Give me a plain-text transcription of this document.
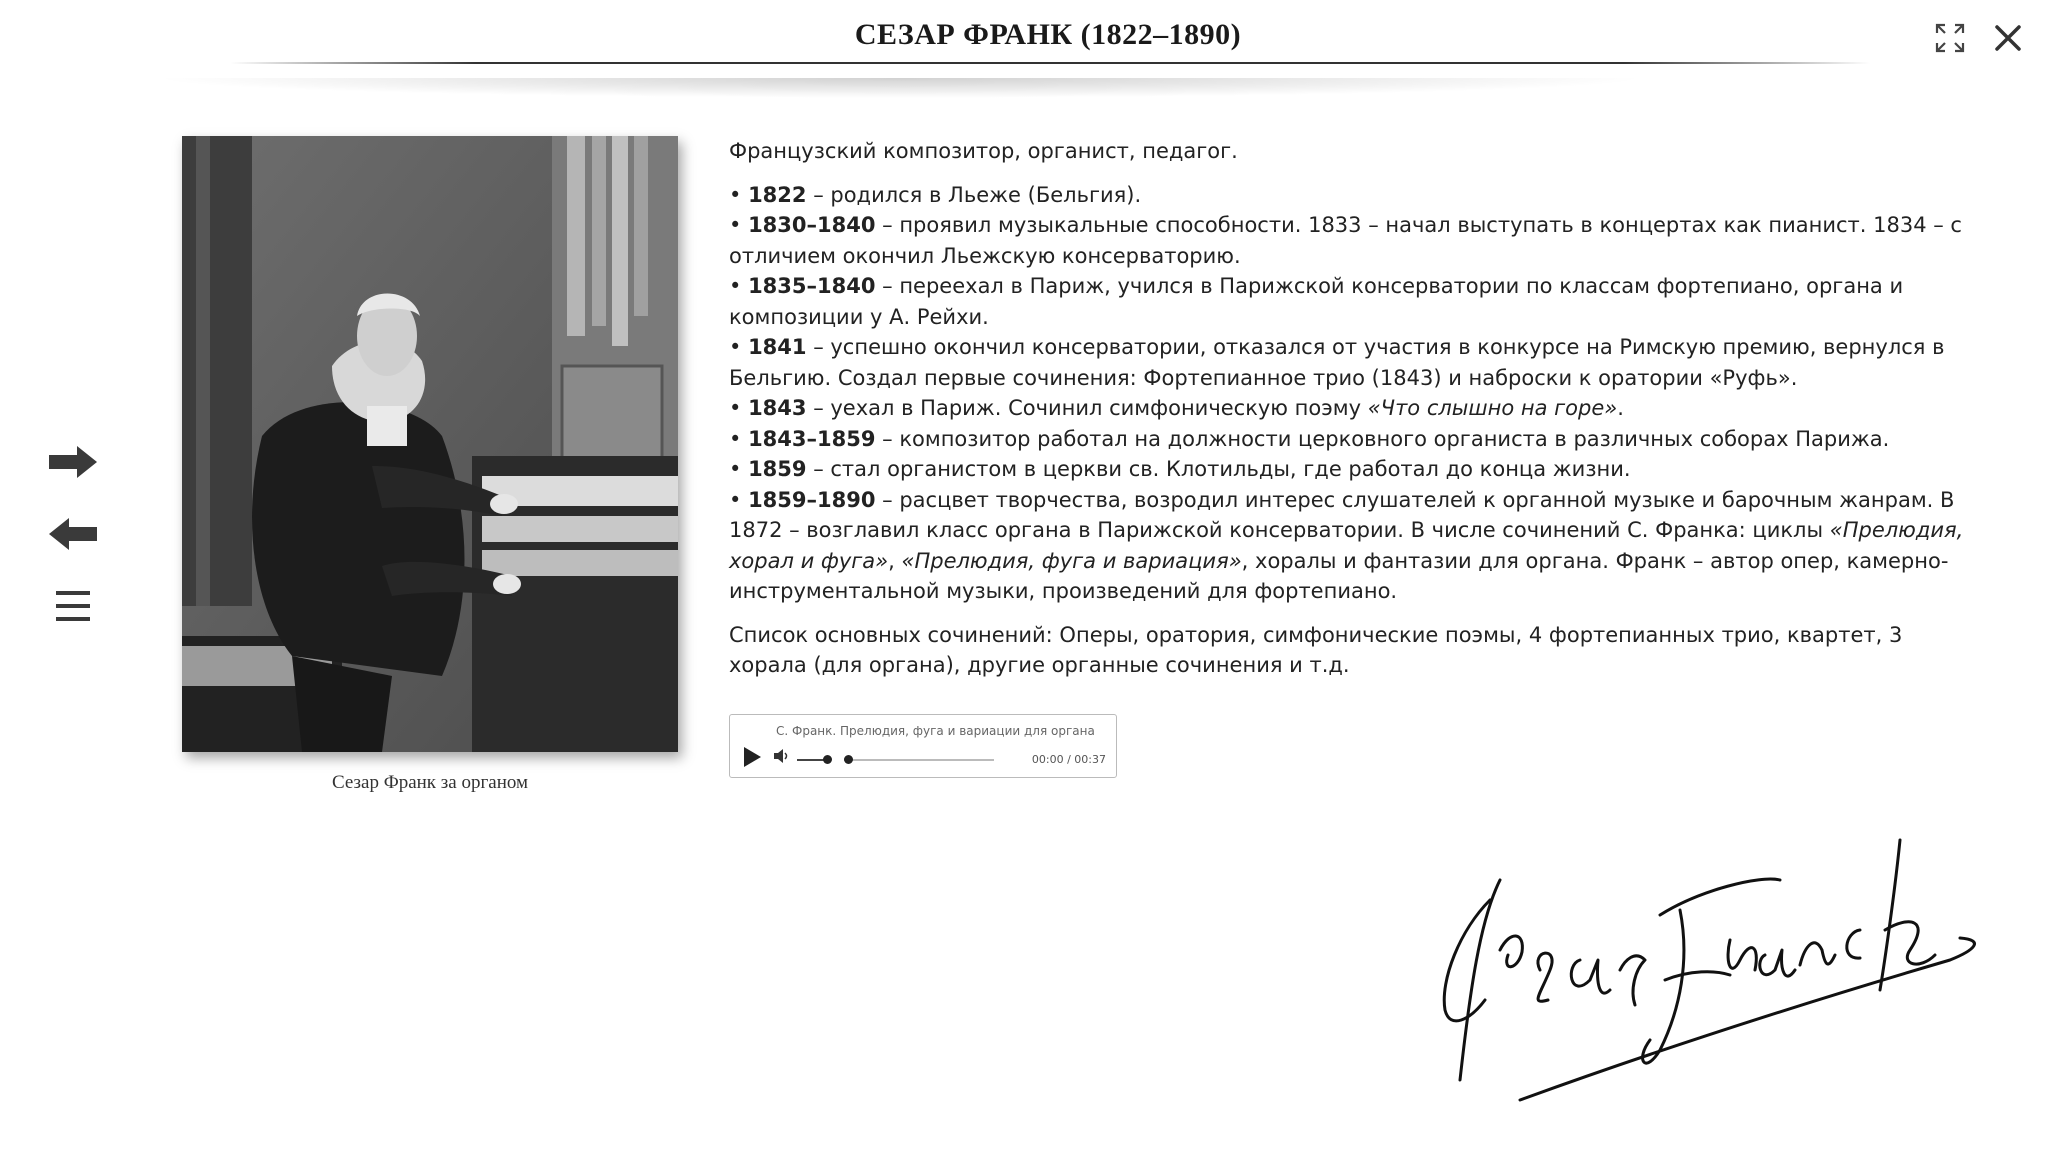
СЕЗАР ФРАНК (1822–1890)
Сезар Франк за органом

Французский композитор, органист, педагог.

• 1822 – родился в Льеже (Бельгия).
• 1830–1840 – проявил музыкальные способности. 1833 – начал выступать в концертах как пианист. 1834 – с отличием окончил Льежскую консерваторию.
• 1835–1840 – переехал в Париж, учился в Парижской консерватории по классам фортепиано, органа и композиции у А. Рейхи.
• 1841 – успешно окончил консерватории, отказался от участия в конкурсе на Римскую премию, вернулся в Бельгию. Создал первые сочинения: Фортепианное трио (1843) и наброски к оратории «Руфь».
• 1843 – уехал в Париж. Сочинил симфоническую поэму «Что слышно на горе».
• 1843–1859 – композитор работал на должности церковного органиста в различных соборах Парижа.
• 1859 – стал органистом в церкви св. Клотильды, где работал до конца жизни.
• 1859–1890 – расцвет творчества, возродил интерес слушателей к органной музыке и барочным жанрам. В 1872 – возглавил класс органа в Парижской консерватории. В числе сочинений С. Франка: циклы «Прелюдия, хорал и фуга», «Прелюдия, фуга и вариация», хоралы и фантазии для органа. Франк – автор опер, камерно-инструментальной музыки, произведений для фортепиано.

Список основных сочинений: Оперы, оратория, симфонические поэмы, 4 фортепианных трио, квартет, 3 хорала (для органа), другие органные сочинения и т.д.

С. Франк. Прелюдия, фуга и вариации для органа
00:00 / 00:37
